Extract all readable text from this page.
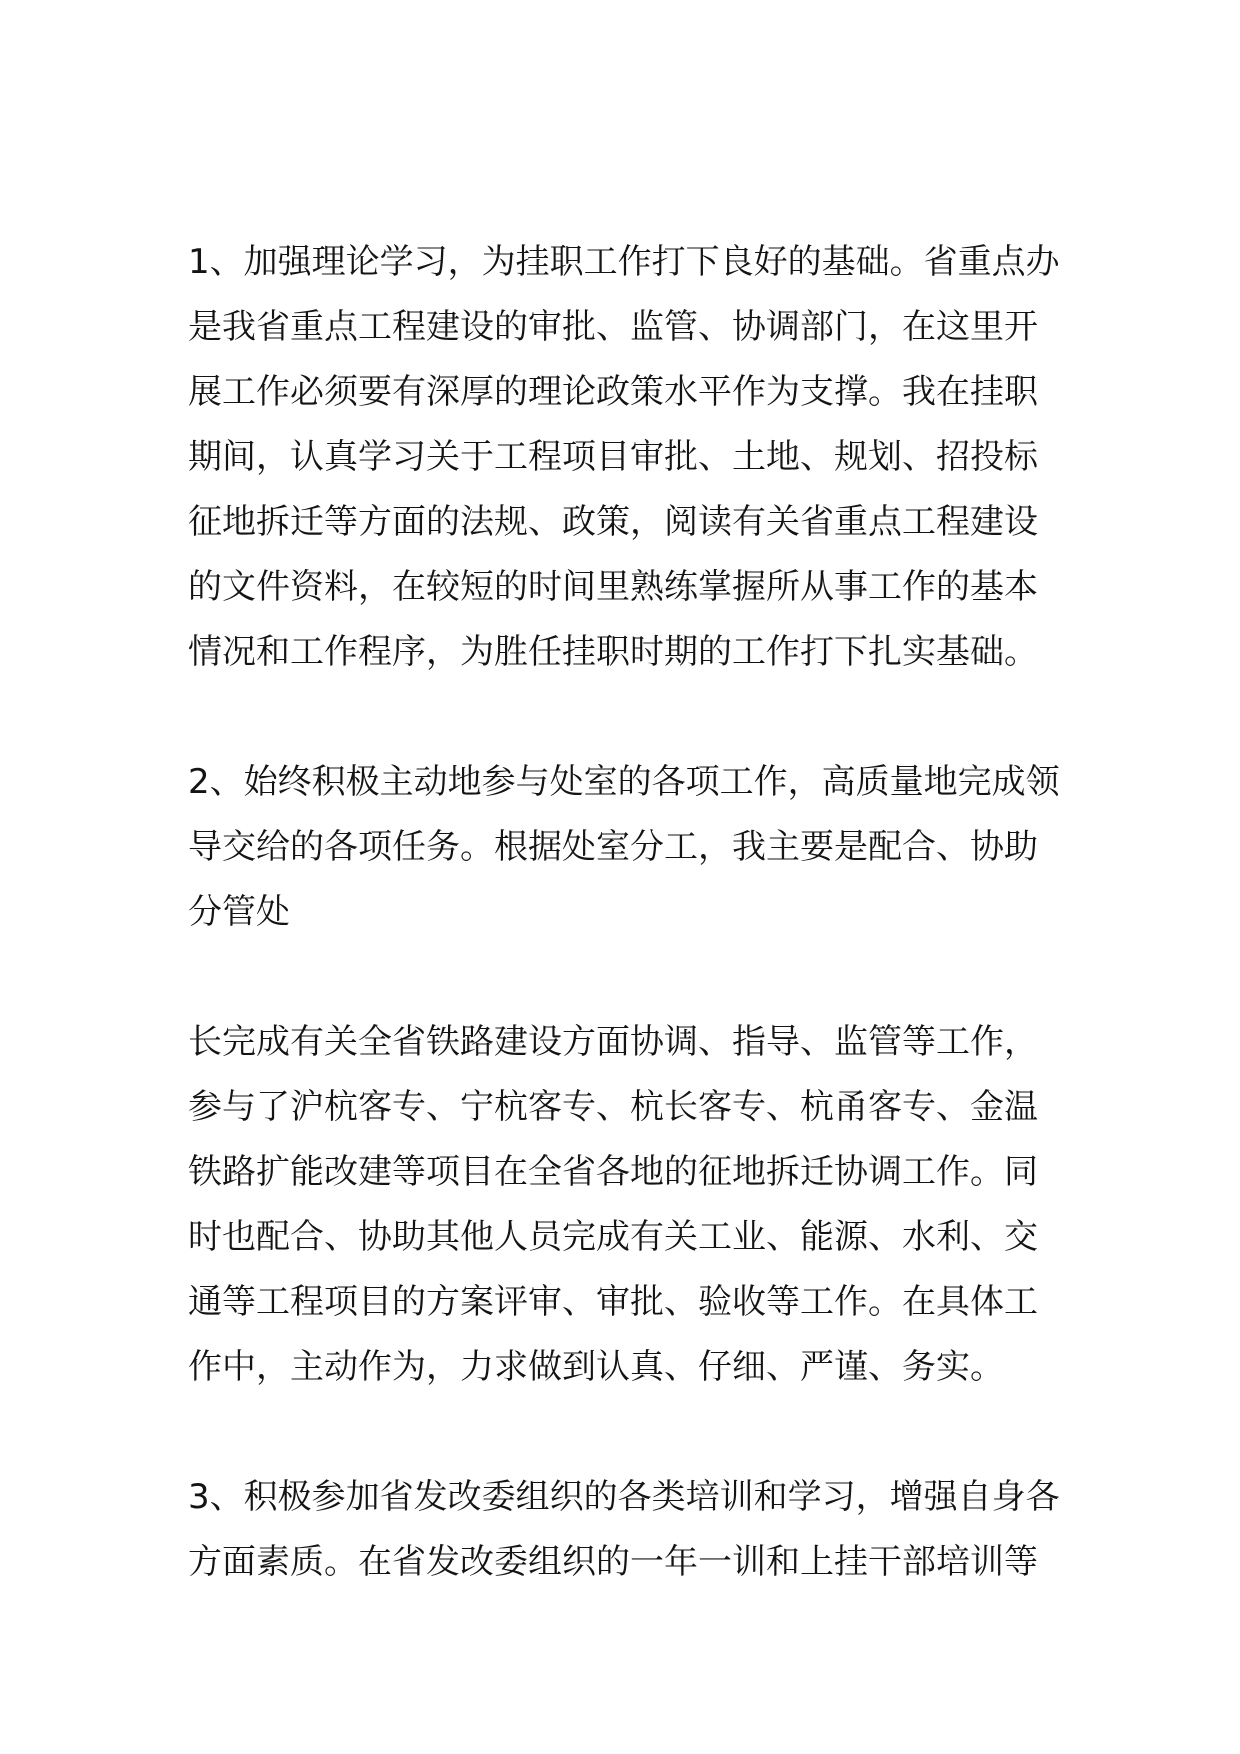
1、加强理论学习，为挂职工作打下良好的基础。省重点办
是我省重点工程建设的审批、监管、协调部门，在这里开
展工作必须要有深厚的理论政策水平作为支撑。我在挂职
期间，认真学习关于工程项目审批、土地、规划、招投标
征地拆迁等方面的法规、政策，阅读有关省重点工程建设
的文件资料，在较短的时间里熟练掌握所从事工作的基本
情况和工作程序，为胜任挂职时期的工作打下扎实基础。

2、始终积极主动地参与处室的各项工作，高质量地完成领
导交给的各项任务。根据处室分工，我主要是配合、协助
分管处

长完成有关全省铁路建设方面协调、指导、监管等工作，
参与了沪杭客专、宁杭客专、杭长客专、杭甬客专、金温
铁路扩能改建等项目在全省各地的征地拆迁协调工作。同
时也配合、协助其他人员完成有关工业、能源、水利、交
通等工程项目的方案评审、审批、验收等工作。在具体工
作中，主动作为，力求做到认真、仔细、严谨、务实。

3、积极参加省发改委组织的各类培训和学习，增强自身各
方面素质。在省发改委组织的一年一训和上挂干部培训等
